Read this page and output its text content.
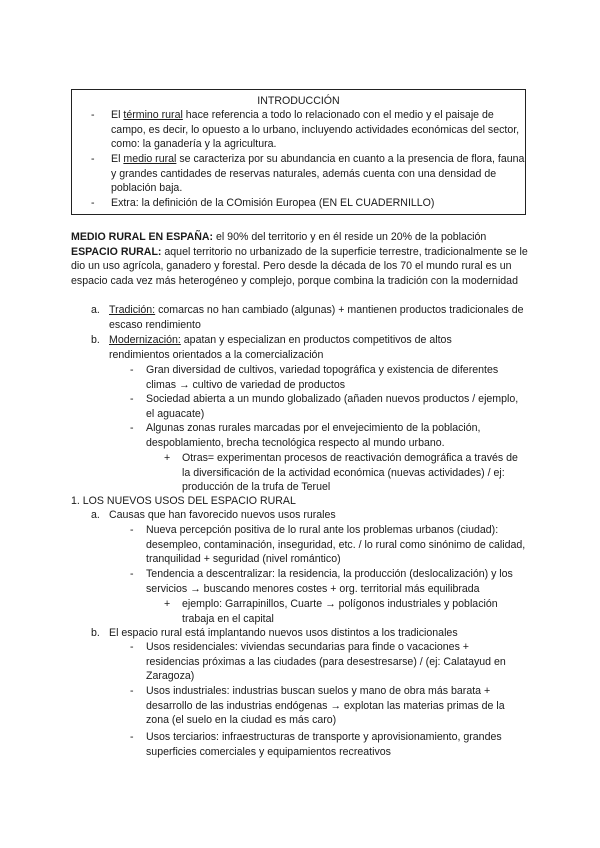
INTRODUCCIÓN
- El término rural hace referencia a todo lo relacionado con el medio y el paisaje de campo, es decir, lo opuesto a lo urbano, incluyendo actividades económicas del sector, como: la ganadería y la agricultura.
- El medio rural se caracteriza por su abundancia en cuanto a la presencia de flora, fauna y grandes cantidades de reservas naturales, además cuenta con una densidad de población baja.
- Extra: la definición de la COmisión Europea (EN EL CUADERNILLO)
MEDIO RURAL EN ESPAÑA: el 90% del territorio y en él reside un 20% de la población
ESPACIO RURAL: aquel territorio no urbanizado de la superficie terrestre, tradicionalmente se le dio un uso agrícola, ganadero y forestal. Pero desde la década de los 70 el mundo rural es un espacio cada vez más heterogéneo y complejo, porque combina la tradición con la modernidad
a. Tradición: comarcas no han cambiado (algunas) + mantienen productos tradicionales de escaso rendimiento
b. Modernización: apatan y especializan en productos competitivos de altos rendimientos orientados a la comercialización
- Gran diversidad de cultivos, variedad topográfica y existencia de diferentes climas → cultivo de variedad de productos
- Sociedad abierta a un mundo globalizado (añaden nuevos productos / ejemplo, el aguacate)
- Algunas zonas rurales marcadas por el envejecimiento de la población, despoblamiento, brecha tecnológica respecto al mundo urbano.
+ Otras= experimentan procesos de reactivación demográfica a través de la diversificación de la actividad económica (nuevas actividades) / ej: producción de la trufa de Teruel
1. LOS NUEVOS USOS DEL ESPACIO RURAL
a. Causas que han favorecido nuevos usos rurales
- Nueva percepción positiva de lo rural ante los problemas urbanos (ciudad): desempleo, contaminación, inseguridad, etc. / lo rural como sinónimo de calidad, tranquilidad + seguridad (nivel romántico)
- Tendencia a descentralizar: la residencia, la producción (deslocalización) y los servicios → buscando menores costes + org. territorial más equilibrada
+ ejemplo: Garrapinillos, Cuarte → polígonos industriales y población trabaja en el capital
b. El espacio rural está implantando nuevos usos distintos a los tradicionales
- Usos residenciales: viviendas secundarias para finde o vacaciones + residencias próximas a las ciudades (para desestresarse) / (ej: Calatayud en Zaragoza)
- Usos industriales: industrias buscan suelos y mano de obra más barata + desarrollo de las industrias endógenas → explotan las materias primas de la zona (el suelo en la ciudad es más caro)
- Usos terciarios: infraestructuras de transporte y aprovisionamiento, grandes superficies comerciales y equipamientos recreativos
